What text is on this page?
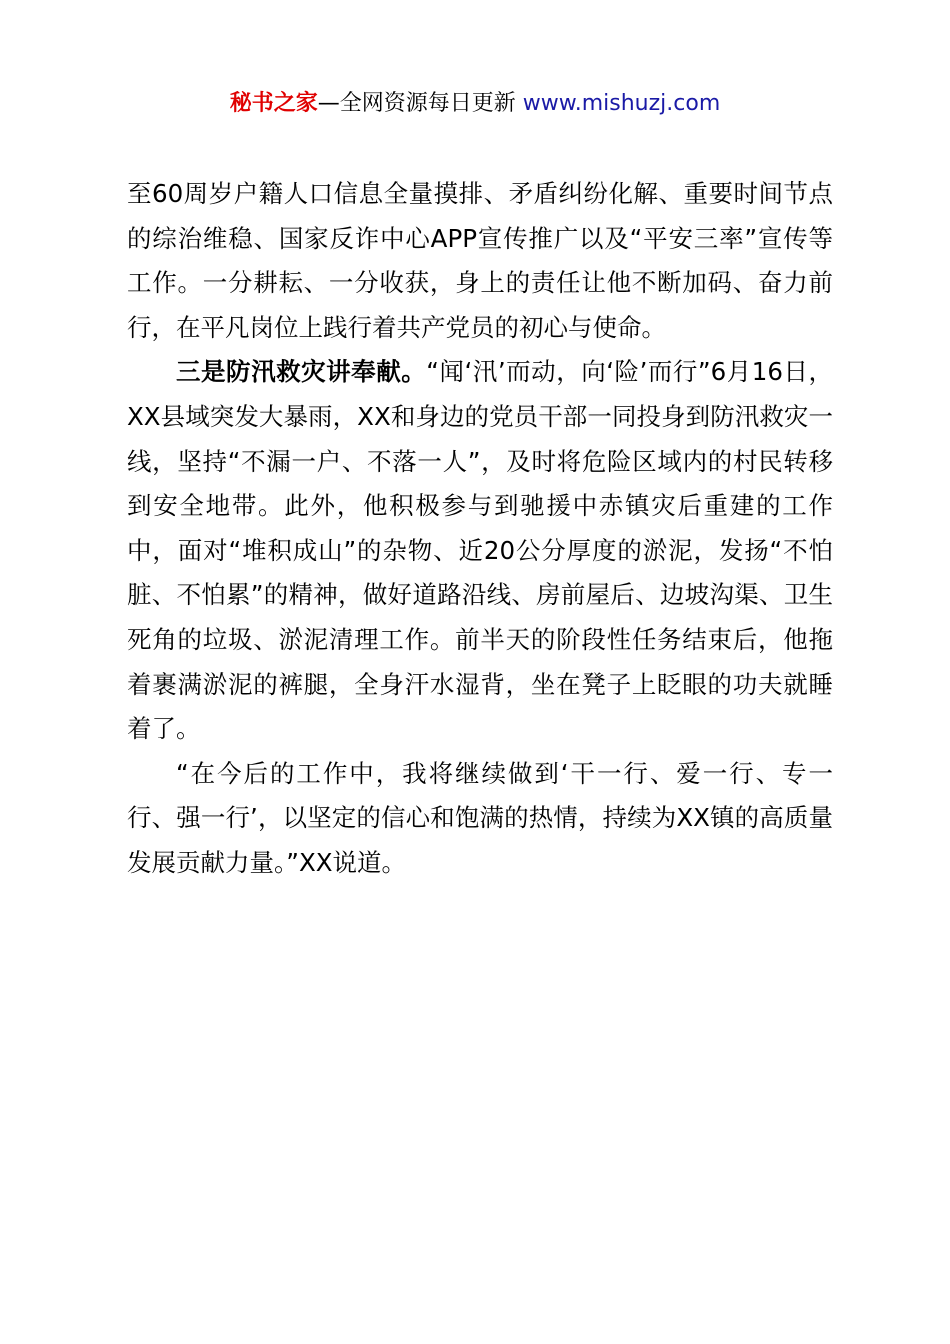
秘书之家—全网资源每日更新 www.mishuzj.com

至60周岁户籍人口信息全量摸排、矛盾纠纷化解、重要时间节点的综治维稳、国家反诈中心APP宣传推广以及“平安三率”宣传等工作。一分耕耘、一分收获，身上的责任让他不断加码、奋力前行，在平凡岗位上践行着共产党员的初心与使命。

三是防汛救灾讲奉献。“闻‘汛’而动，向‘险’而行”6月16日，XX县域突发大暴雨，XX和身边的党员干部一同投身到防汛救灾一线，坚持“不漏一户、不落一人”，及时将危险区域内的村民转移到安全地带。此外，他积极参与到驰援中赤镇灾后重建的工作中，面对“堆积成山”的杂物、近20公分厚度的淤泥，发扬“不怕脏、不怕累”的精神，做好道路沿线、房前屋后、边坡沟渠、卫生死角的垃圾、淤泥清理工作。前半天的阶段性任务结束后，他拖着裹满淤泥的裤腿，全身汗水湿背，坐在凳子上眨眼的功夫就睡着了。

“在今后的工作中，我将继续做到‘干一行、爱一行、专一行、强一行’，以坚定的信心和饱满的热情，持续为XX镇的高质量发展贡献力量。”XX说道。
